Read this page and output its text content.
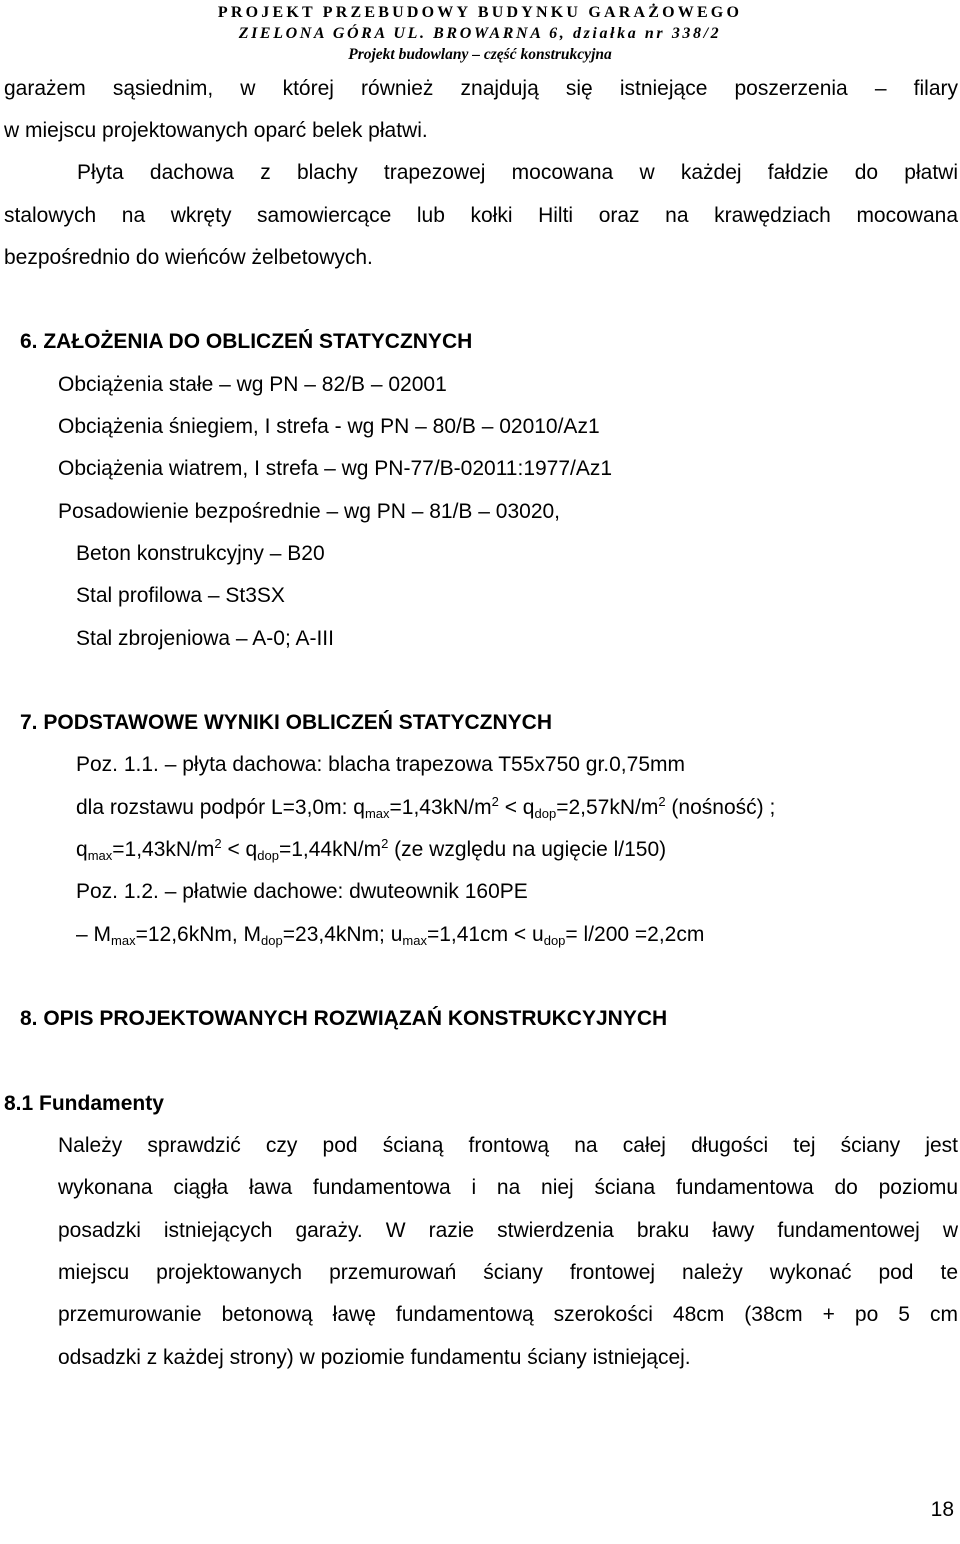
PROJEKT PRZEBUDOWY BUDYNKU GARAŻOWEGO
ZIELONA GÓRA UL. BROWARNA 6, działka nr 338/2
Projekt budowlany – część konstrukcyjna
garażem sąsiednim, w której również znajdują się istniejące poszerzenia – filary
w miejscu projektowanych oparć belek płatwi.
Płyta dachowa z blachy trapezowej mocowana w każdej fałdzie do płatwi
stalowych na wkręty samowiercące lub kołki Hilti oraz na krawędziach mocowana
bezpośrednio do wieńców żelbetowych.
6. ZAŁOŻENIA DO OBLICZEŃ STATYCZNYCH
Obciążenia stałe – wg PN – 82/B – 02001
Obciążenia śniegiem, I strefa - wg PN – 80/B – 02010/Az1
Obciążenia wiatrem, I strefa – wg PN-77/B-02011:1977/Az1
Posadowienie bezpośrednie – wg PN – 81/B – 03020,
Beton konstrukcyjny – B20
Stal profilowa – St3SX
Stal zbrojeniowa – A-0; A-III
7. PODSTAWOWE WYNIKI OBLICZEŃ STATYCZNYCH
Poz. 1.1. – płyta dachowa: blacha trapezowa T55x750 gr.0,75mm
dla rozstawu podpór L=3,0m: $q_{max}=1,43kN/m^2 < q_{dop}=2,57kN/m^2$ (nośność) ;
$q_{max}=1,43kN/m^2 < q_{dop}=1,44kN/m^2$ (ze względu na ugięcie l/150)
Poz. 1.2. – płatwie dachowe: dwuteownik 160PE
– $M_{max}=12,6kNm$, $M_{dop}=23,4kNm$; $u_{max}=1,41cm < u_{dop}= l/200 =2,2cm$
8. OPIS PROJEKTOWANYCH ROZWIĄZAŃ KONSTRUKCYJNYCH
8.1 Fundamenty
Należy sprawdzić czy pod ścianą frontową na całej długości tej ściany jest
wykonana ciągła ława fundamentowa i na niej ściana fundamentowa do poziomu
posadzki istniejących garaży. W razie stwierdzenia braku ławy fundamentowej w
miejscu projektowanych przemurowań ściany frontowej należy wykonać pod te
przemurowanie betonową ławę fundamentową szerokości 48cm (38cm + po 5 cm
odsadzki z każdej strony) w poziomie fundamentu ściany istniejącej.
18
